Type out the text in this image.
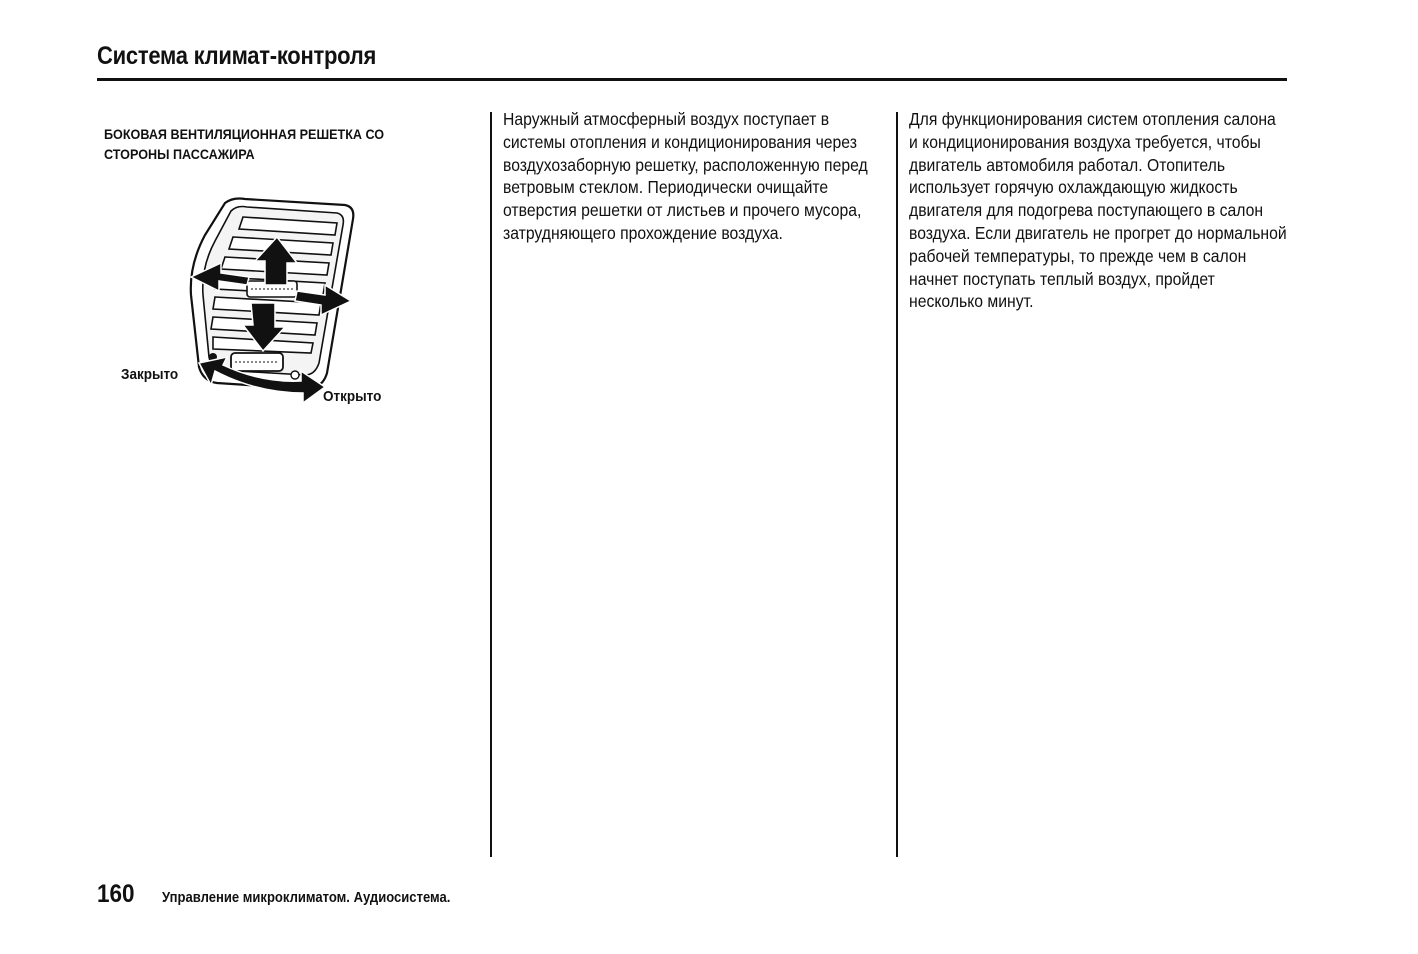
Система климат-контроля
БОКОВАЯ ВЕНТИЛЯЦИОННАЯ РЕШЕТКА СО СТОРОНЫ ПАССАЖИРА
Закрыто
Открыто

Наружный атмосферный воздух поступает в системы отопления и кондиционирования через воздухозаборную решетку, расположенную перед ветровым стеклом. Периодически очищайте отверстия решетки от листьев и прочего мусора, затрудняющего прохождение воздуха.

Для функционирования систем отопления салона и кондиционирования воздуха требуется, чтобы двигатель автомобиля работал. Отопитель использует горячую охлаждающую жидкость двигателя для подогрева поступающего в салон воздуха. Если двигатель не прогрет до нормальной рабочей температуры, то прежде чем в салон начнет поступать теплый воздух, пройдет несколько минут.

160 Управление микроклиматом. Аудиосистема.
